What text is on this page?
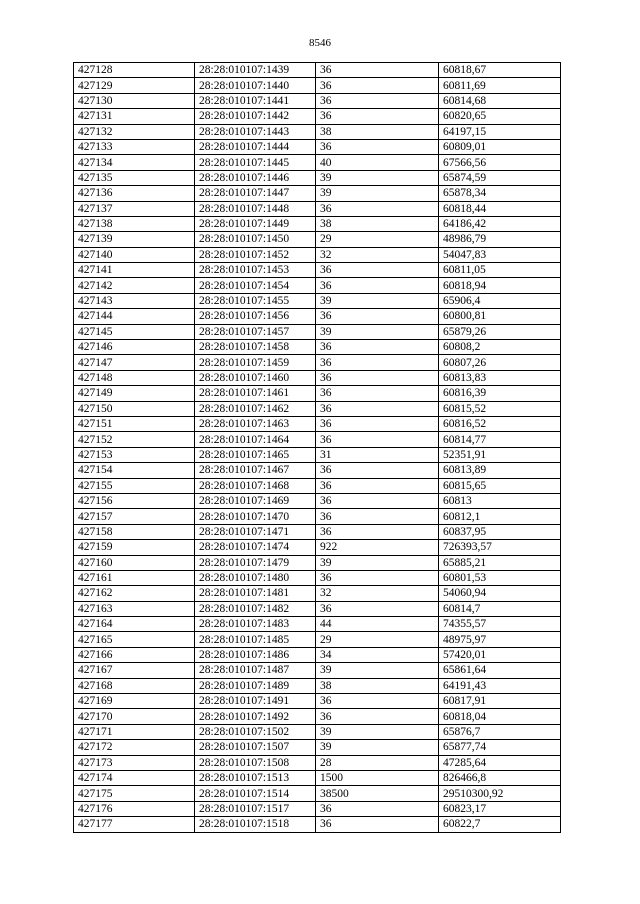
8546
427128	28:28:010107:1439	36	60818,67
427129	28:28:010107:1440	36	60811,69
427130	28:28:010107:1441	36	60814,68
427131	28:28:010107:1442	36	60820,65
427132	28:28:010107:1443	38	64197,15
427133	28:28:010107:1444	36	60809,01
427134	28:28:010107:1445	40	67566,56
427135	28:28:010107:1446	39	65874,59
427136	28:28:010107:1447	39	65878,34
427137	28:28:010107:1448	36	60818,44
427138	28:28:010107:1449	38	64186,42
427139	28:28:010107:1450	29	48986,79
427140	28:28:010107:1452	32	54047,83
427141	28:28:010107:1453	36	60811,05
427142	28:28:010107:1454	36	60818,94
427143	28:28:010107:1455	39	65906,4
427144	28:28:010107:1456	36	60800,81
427145	28:28:010107:1457	39	65879,26
427146	28:28:010107:1458	36	60808,2
427147	28:28:010107:1459	36	60807,26
427148	28:28:010107:1460	36	60813,83
427149	28:28:010107:1461	36	60816,39
427150	28:28:010107:1462	36	60815,52
427151	28:28:010107:1463	36	60816,52
427152	28:28:010107:1464	36	60814,77
427153	28:28:010107:1465	31	52351,91
427154	28:28:010107:1467	36	60813,89
427155	28:28:010107:1468	36	60815,65
427156	28:28:010107:1469	36	60813
427157	28:28:010107:1470	36	60812,1
427158	28:28:010107:1471	36	60837,95
427159	28:28:010107:1474	922	726393,57
427160	28:28:010107:1479	39	65885,21
427161	28:28:010107:1480	36	60801,53
427162	28:28:010107:1481	32	54060,94
427163	28:28:010107:1482	36	60814,7
427164	28:28:010107:1483	44	74355,57
427165	28:28:010107:1485	29	48975,97
427166	28:28:010107:1486	34	57420,01
427167	28:28:010107:1487	39	65861,64
427168	28:28:010107:1489	38	64191,43
427169	28:28:010107:1491	36	60817,91
427170	28:28:010107:1492	36	60818,04
427171	28:28:010107:1502	39	65876,7
427172	28:28:010107:1507	39	65877,74
427173	28:28:010107:1508	28	47285,64
427174	28:28:010107:1513	1500	826466,8
427175	28:28:010107:1514	38500	29510300,92
427176	28:28:010107:1517	36	60823,17
427177	28:28:010107:1518	36	60822,7
